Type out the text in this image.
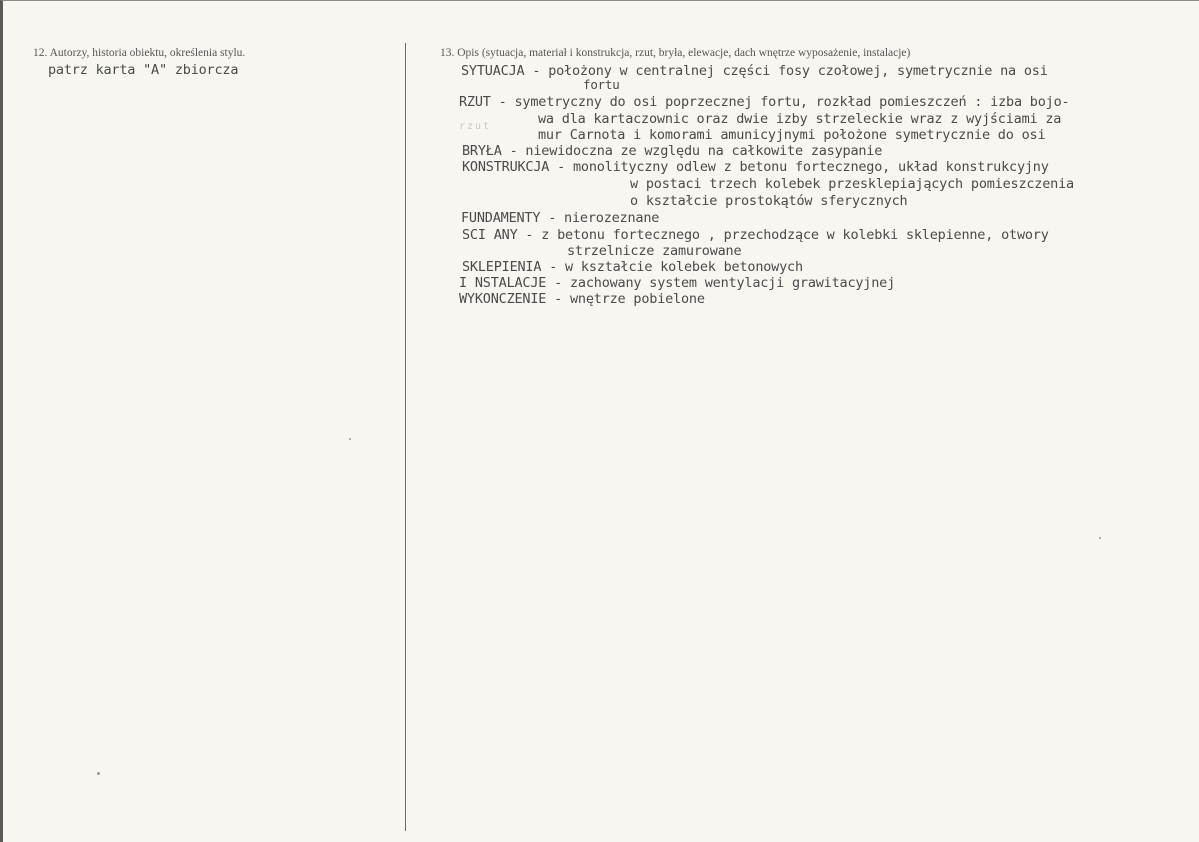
12. Autorzy, historia obiektu, określenia stylu.
patrz karta "A" zbiorcza
13. Opis (sytuacja, materiał i konstrukcja, rzut, bryła, elewacje, dach wnętrze wyposażenie, instalacje)
SYTUACJA - położony w centralnej części fosy czołowej, symetrycznie na osi
fortu
RZUT - symetryczny do osi poprzecznej fortu, rozkład pomieszczeń : izba bojo-
wa dla kartaczownic oraz dwie izby strzeleckie wraz z wyjściami za
rzut
mur Carnota i komorami amunicyjnymi położone symetrycznie do osi
BRYŁA - niewidoczna ze względu na całkowite zasypanie
KONSTRUKCJA - monolityczny odlew z betonu fortecznego, układ konstrukcyjny
w postaci trzech kolebek przesklepiających pomieszczenia
o kształcie prostokątów sferycznych
FUNDAMENTY - nierozeznane
SCI ANY - z betonu fortecznego , przechodzące w kolebki sklepienne, otwory
strzelnicze zamurowane
SKLEPIENIA - w kształcie kolebek betonowych
I NSTALACJE - zachowany system wentylacji grawitacyjnej
WYKONCZENIE - wnętrze pobielone
